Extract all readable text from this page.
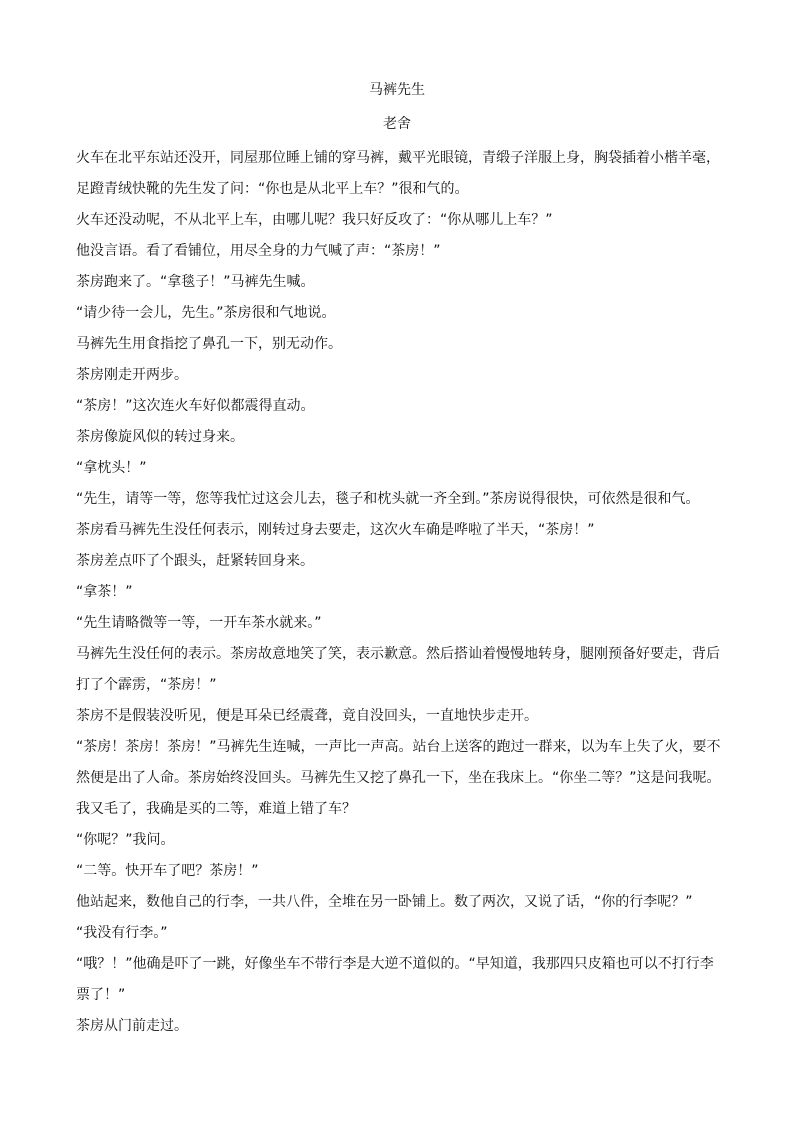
马裤先生
老舍

火车在北平东站还没开，同屋那位睡上铺的穿马裤，戴平光眼镜，青缎子洋服上身，胸袋插着小楷羊毫，足蹬青绒快靴的先生发了问：“你也是从北平上车？”很和气的。

火车还没动呢，不从北平上车，由哪儿呢？我只好反攻了：“你从哪儿上车？”

他没言语。看了看铺位，用尽全身的力气喊了声：“茶房！”

茶房跑来了。“拿毯子！”马裤先生喊。

“请少待一会儿，先生。”茶房很和气地说。

马裤先生用食指挖了鼻孔一下，别无动作。

茶房刚走开两步。

“茶房！”这次连火车好似都震得直动。

茶房像旋风似的转过身来。

“拿枕头！”

“先生，请等一等，您等我忙过这会儿去，毯子和枕头就一齐全到。”茶房说得很快，可依然是很和气。

茶房看马裤先生没任何表示，刚转过身去要走，这次火车确是哗啦了半天，“茶房！”

茶房差点吓了个跟头，赶紧转回身来。

“拿茶！”

“先生请略微等一等，一开车茶水就来。”

马裤先生没任何的表示。茶房故意地笑了笑，表示歉意。然后搭讪着慢慢地转身，腿刚预备好要走，背后打了个霹雳，“茶房！”

茶房不是假装没听见，便是耳朵已经震聋，竟自没回头，一直地快步走开。

“茶房！茶房！茶房！”马裤先生连喊，一声比一声高。站台上送客的跑过一群来，以为车上失了火，要不然便是出了人命。茶房始终没回头。马裤先生又挖了鼻孔一下，坐在我床上。“你坐二等？”这是问我呢。我又毛了，我确是买的二等，难道上错了车？

“你呢？”我问。

“二等。快开车了吧？茶房！”

他站起来，数他自己的行李，一共八件，全堆在另一卧铺上。数了两次，又说了话，“你的行李呢？”

“我没有行李。”

“哦？！”他确是吓了一跳，好像坐车不带行李是大逆不道似的。“早知道，我那四只皮箱也可以不打行李票了！”

茶房从门前走过。
